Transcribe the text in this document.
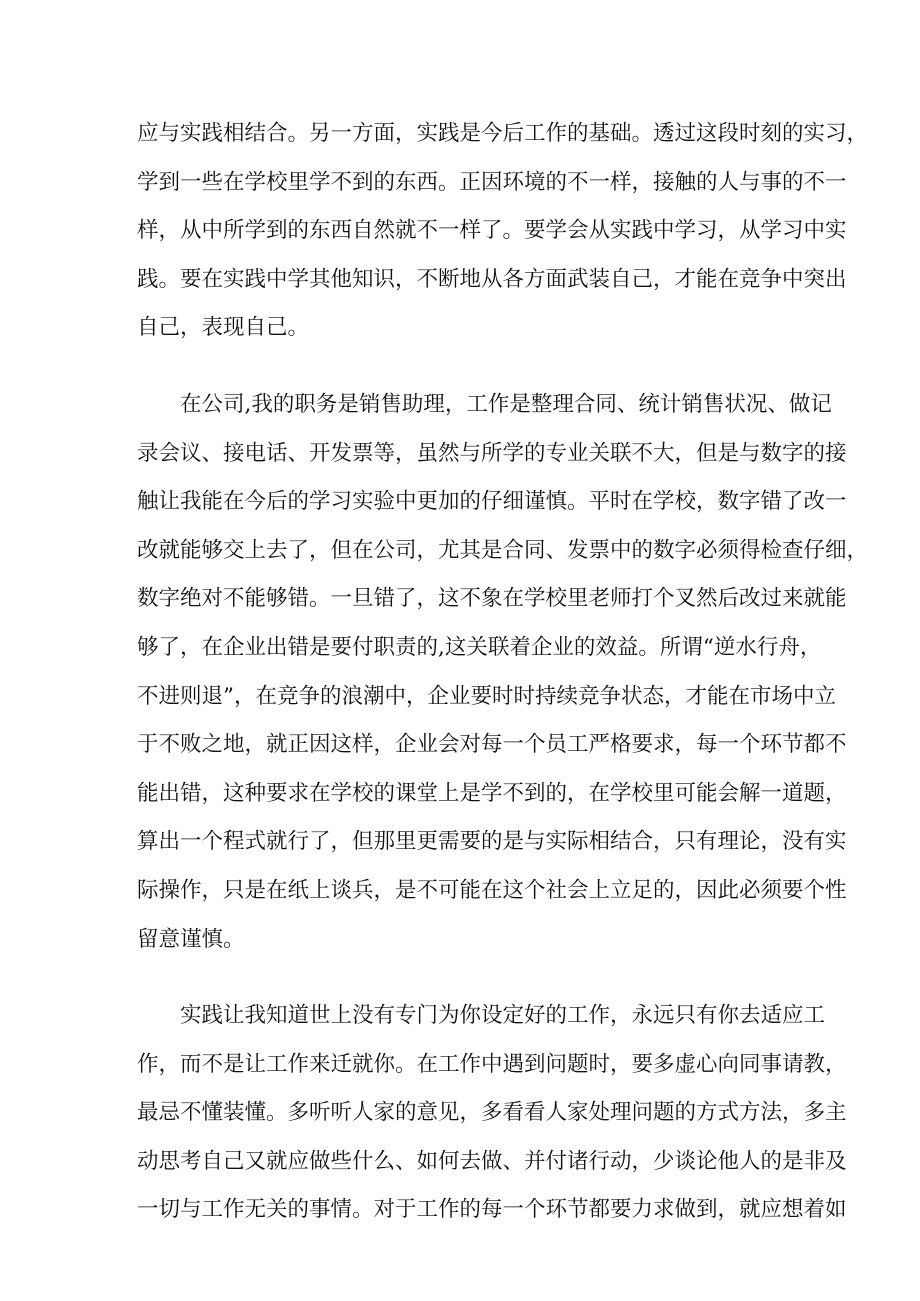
应与实践相结合。另一方面，实践是今后工作的基础。透过这段时刻的实习，
学到一些在学校里学不到的东西。正因环境的不一样，接触的人与事的不一
样，从中所学到的东西自然就不一样了。要学会从实践中学习，从学习中实
践。要在实践中学其他知识，不断地从各方面武装自己，才能在竞争中突出
自己，表现自己。
在公司,我的职务是销售助理，工作是整理合同、统计销售状况、做记
录会议、接电话、开发票等，虽然与所学的专业关联不大，但是与数字的接
触让我能在今后的学习实验中更加的仔细谨慎。平时在学校，数字错了改一
改就能够交上去了，但在公司，尤其是合同、发票中的数字必须得检查仔细，
数字绝对不能够错。一旦错了，这不象在学校里老师打个叉然后改过来就能
够了，在企业出错是要付职责的,这关联着企业的效益。所谓“逆水行舟，
不进则退”，在竞争的浪潮中，企业要时时持续竞争状态，才能在市场中立
于不败之地，就正因这样，企业会对每一个员工严格要求，每一个环节都不
能出错，这种要求在学校的课堂上是学不到的，在学校里可能会解一道题，
算出一个程式就行了，但那里更需要的是与实际相结合，只有理论，没有实
际操作，只是在纸上谈兵，是不可能在这个社会上立足的，因此必须要个性
留意谨慎。
实践让我知道世上没有专门为你设定好的工作，永远只有你去适应工
作，而不是让工作来迁就你。在工作中遇到问题时，要多虚心向同事请教，
最忌不懂装懂。多听听人家的意见，多看看人家处理问题的方式方法，多主
动思考自己又就应做些什么、如何去做、并付诸行动，少谈论他人的是非及
一切与工作无关的事情。对于工作的每一个环节都要力求做到，就应想着如
